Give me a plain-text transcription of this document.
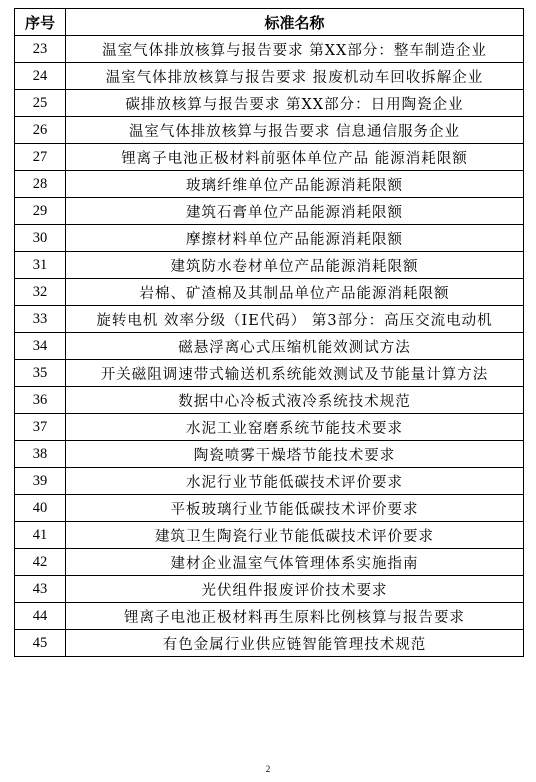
序号	标准名称
23	温室气体排放核算与报告要求 第XX部分：整车制造企业
24	温室气体排放核算与报告要求 报废机动车回收拆解企业
25	碳排放核算与报告要求 第XX部分：日用陶瓷企业
26	温室气体排放核算与报告要求 信息通信服务企业
27	锂离子电池正极材料前驱体单位产品 能源消耗限额
28	玻璃纤维单位产品能源消耗限额
29	建筑石膏单位产品能源消耗限额
30	摩擦材料单位产品能源消耗限额
31	建筑防水卷材单位产品能源消耗限额
32	岩棉、矿渣棉及其制品单位产品能源消耗限额
33	旋转电机 效率分级（IE代码） 第3部分：高压交流电动机
34	磁悬浮离心式压缩机能效测试方法
35	开关磁阻调速带式输送机系统能效测试及节能量计算方法
36	数据中心冷板式液冷系统技术规范
37	水泥工业窑磨系统节能技术要求
38	陶瓷喷雾干燥塔节能技术要求
39	水泥行业节能低碳技术评价要求
40	平板玻璃行业节能低碳技术评价要求
41	建筑卫生陶瓷行业节能低碳技术评价要求
42	建材企业温室气体管理体系实施指南
43	光伏组件报废评价技术要求
44	锂离子电池正极材料再生原料比例核算与报告要求
45	有色金属行业供应链智能管理技术规范
2
